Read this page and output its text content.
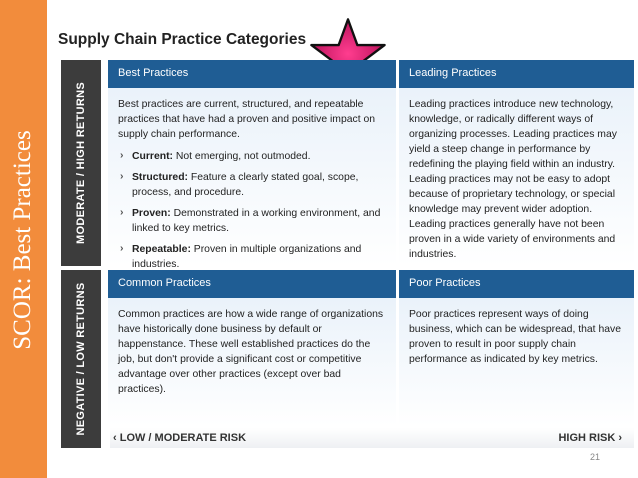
SCOR: Best Practices
Supply Chain Practice Categories
MODERATE / HIGH RETURNS
NEGATIVE / LOW RETURNS
Best Practices

Best practices are current, structured, and repeatable practices that have had a proven and positive impact on supply chain performance.

› Current: Not emerging, not outmoded.
› Structured: Feature a clearly stated goal, scope, process, and procedure.
› Proven: Demonstrated in a working environment, and linked to key metrics.
› Repeatable: Proven in multiple organizations and industries.
Leading Practices

Leading practices introduce new technology, knowledge, or radically different ways of organizing processes. Leading practices may yield a steep change in performance by redefining the playing field within an industry. Leading practices may not be easy to adopt because of proprietary technology, or special knowledge may prevent wider adoption. Leading practices generally have not been proven in a wide variety of environments and industries.

Common Practices

Common practices are how a wide range of organizations have historically done business by default or happenstance. These well established practices do the job, but don't provide a significant cost or competitive advantage over other practices (except over bad practices).

Poor Practices

Poor practices represent ways of doing business, which can be widespread, that have proven to result in poor supply chain performance as indicated by key metrics.

‹ LOW / MODERATE RISK	HIGH RISK ›
21
